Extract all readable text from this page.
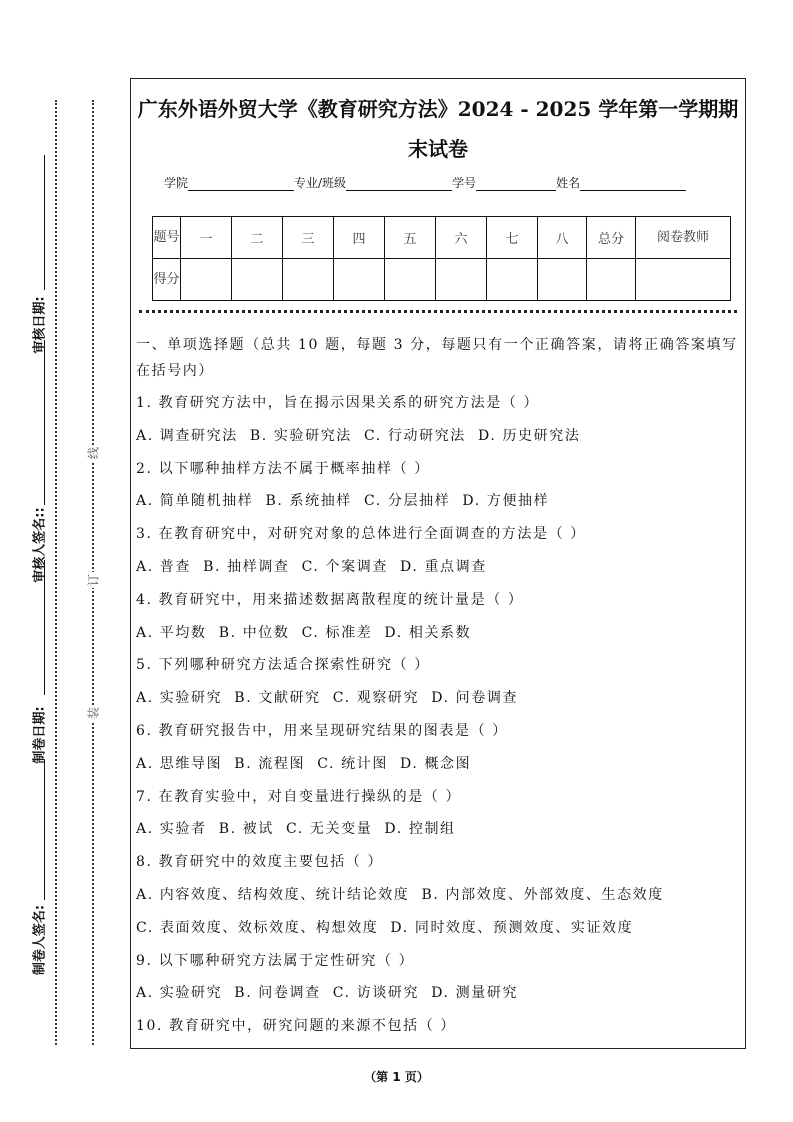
制卷人签名:
制卷日期:
审核人签名::
审核日期:
装
订
线
广东外语外贸大学《教育研究方法》2024 - 2025 学年第一学期期
末试卷
学院	专业/班级	学号	姓名
题号	一	二	三	四	五	六	七	八	总分	阅卷教师
得分										
一、单项选择题（总共 10 题，每题 3 分，每题只有一个正确答案，请将正确答案填写在括号内）
1. 教育研究方法中，旨在揭示因果关系的研究方法是（ ）
A. 调查研究法  B. 实验研究法  C. 行动研究法  D. 历史研究法
2. 以下哪种抽样方法不属于概率抽样（ ）
A. 简单随机抽样  B. 系统抽样  C. 分层抽样  D. 方便抽样
3. 在教育研究中，对研究对象的总体进行全面调查的方法是（ ）
A. 普查  B. 抽样调查  C. 个案调查  D. 重点调查
4. 教育研究中，用来描述数据离散程度的统计量是（ ）
A. 平均数  B. 中位数  C. 标准差  D. 相关系数
5. 下列哪种研究方法适合探索性研究（ ）
A. 实验研究  B. 文献研究  C. 观察研究  D. 问卷调查
6. 教育研究报告中，用来呈现研究结果的图表是（ ）
A. 思维导图  B. 流程图  C. 统计图  D. 概念图
7. 在教育实验中，对自变量进行操纵的是（ ）
A. 实验者  B. 被试  C. 无关变量  D. 控制组
8. 教育研究中的效度主要包括（ ）
A. 内容效度、结构效度、统计结论效度  B. 内部效度、外部效度、生态效度
C. 表面效度、效标效度、构想效度  D. 同时效度、预测效度、实证效度
9. 以下哪种研究方法属于定性研究（ ）
A. 实验研究  B. 问卷调查  C. 访谈研究  D. 测量研究
10. 教育研究中，研究问题的来源不包括（ ）
（第 1 页）
